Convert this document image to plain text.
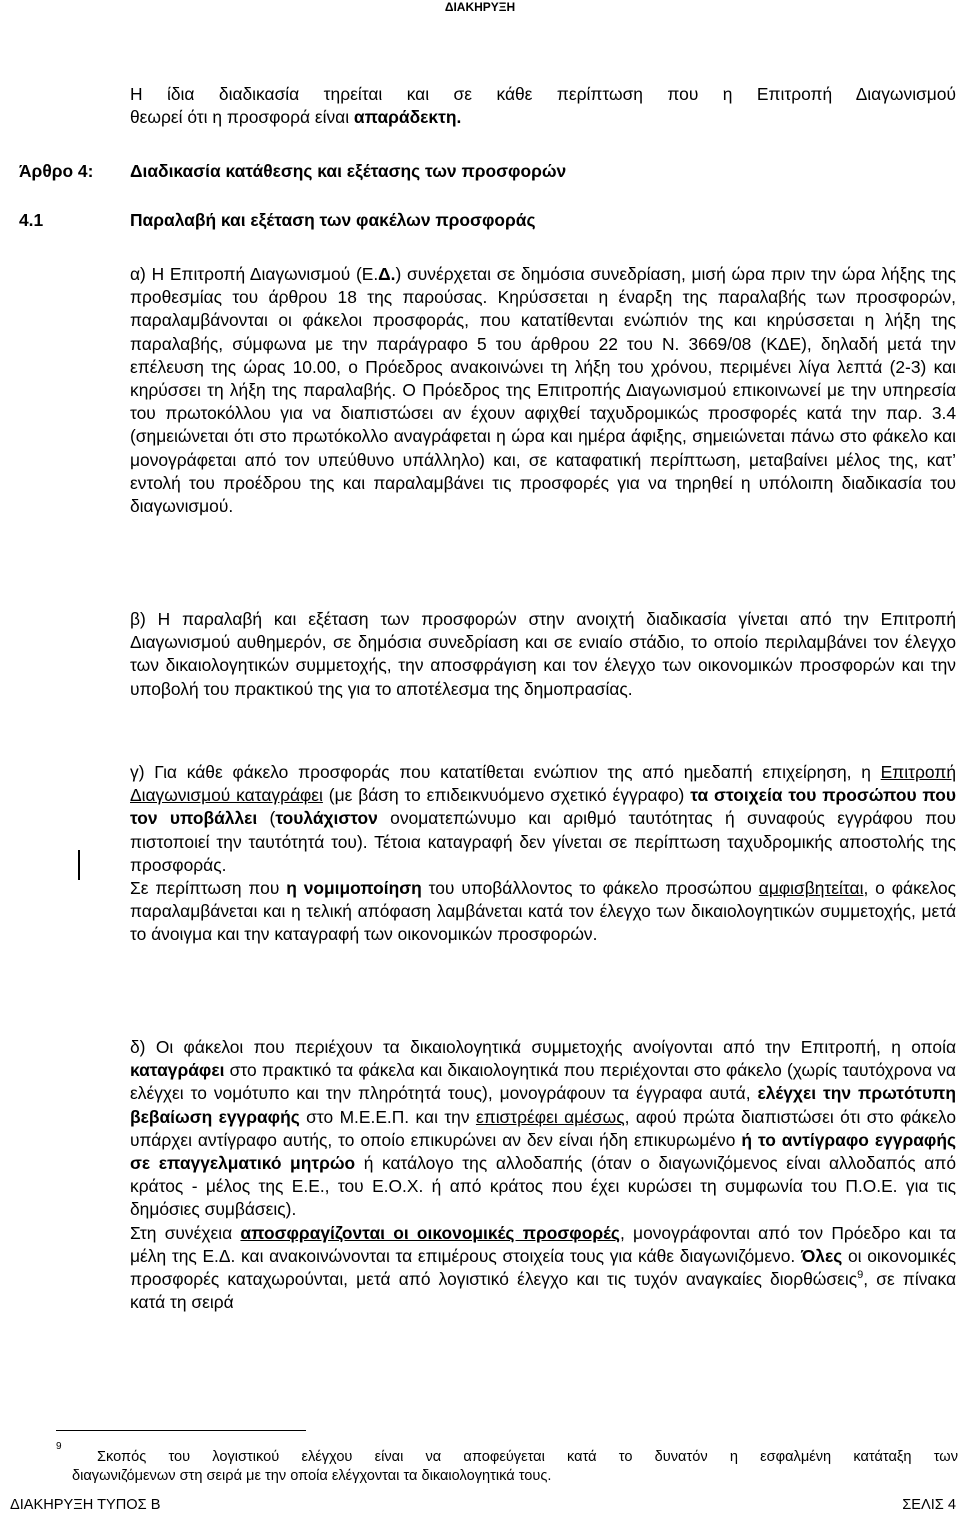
ΔΙΑΚΗΡΥΞΗ
Η ίδια διαδικασία τηρείται και σε κάθε περίπτωση που η Επιτροπή Διαγωνισμού
θεωρεί ότι η προσφορά είναι απαράδεκτη.
Άρθρο 4: Διαδικασία κατάθεσης και εξέτασης των προσφορών
4.1	Παραλαβή και εξέταση των φακέλων προσφοράς
α) Η Επιτροπή Διαγωνισμού (Ε.Δ.) συνέρχεται σε δημόσια συνεδρίαση, μισή ώρα πριν την ώρα λήξης της προθεσμίας του άρθρου 18 της παρούσας. Κηρύσσεται η έναρξη της παραλαβής των προσφορών, παραλαμβάνονται οι φάκελοι προσφοράς, που κατατίθενται ενώπιόν της και κηρύσσεται η λήξη της παραλαβής, σύμφωνα με την παράγραφο 5 του άρθρου 22 του Ν. 3669/08 (ΚΔΕ), δηλαδή μετά την επέλευση της ώρας 10.00, ο Πρόεδρος ανακοινώνει τη λήξη του χρόνου, περιμένει λίγα λεπτά (2-3) και κηρύσσει τη λήξη της παραλαβής. Ο Πρόεδρος της Επιτροπής Διαγωνισμού επικοινωνεί με την υπηρεσία του πρωτοκόλλου για να διαπιστώσει αν έχουν αφιχθεί ταχυδρομικώς προσφορές κατά την παρ. 3.4 (σημειώνεται ότι στο πρωτόκολλο αναγράφεται η ώρα και ημέρα άφιξης, σημειώνεται πάνω στο φάκελο και μονογράφεται από τον υπεύθυνο υπάλληλο) και, σε καταφατική περίπτωση, μεταβαίνει μέλος της, κατ’ εντολή του προέδρου της και παραλαμβάνει τις προσφορές για να τηρηθεί η υπόλοιπη διαδικασία του διαγωνισμού.
β) Η παραλαβή και εξέταση των προσφορών στην ανοιχτή διαδικασία γίνεται από την Επιτροπή Διαγωνισμού αυθημερόν, σε δημόσια συνεδρίαση και σε ενιαίο στάδιο, το οποίο περιλαμβάνει τον έλεγχο των δικαιολογητικών συμμετοχής, την αποσφράγιση και τον έλεγχο των οικονομικών προσφορών και την υποβολή του πρακτικού της για το αποτέλεσμα της δημοπρασίας.
γ) Για κάθε φάκελο προσφοράς που κατατίθεται ενώπιον της από ημεδαπή επιχείρηση, η Επιτροπή Διαγωνισμού καταγράφει (με βάση το επιδεικνυόμενο σχετικό έγγραφο) τα στοιχεία του προσώπου που τον υποβάλλει (τουλάχιστον ονοματεπώνυμο και αριθμό ταυτότητας ή συναφούς εγγράφου που πιστοποιεί την ταυτότητά του). Τέτοια καταγραφή δεν γίνεται σε περίπτωση ταχυδρομικής αποστολής της προσφοράς.
Σε περίπτωση που η νομιμοποίηση του υποβάλλοντος το φάκελο προσώπου αμφισβητείται, ο φάκελος παραλαμβάνεται και η τελική απόφαση λαμβάνεται κατά τον έλεγχο των δικαιολογητικών συμμετοχής, μετά το άνοιγμα και την καταγραφή των οικονομικών προσφορών.
δ) Οι φάκελοι που περιέχουν τα δικαιολογητικά συμμετοχής ανοίγονται από την Επιτροπή, η οποία καταγράφει στο πρακτικό τα φάκελα και δικαιολογητικά που περιέχονται στο φάκελο (χωρίς ταυτόχρονα να ελέγχει το νομότυπο και την πληρότητά τους), μονογράφουν τα έγγραφα αυτά, ελέγχει την πρωτότυπη βεβαίωση εγγραφής στο Μ.Ε.Ε.Π. και την επιστρέφει αμέσως, αφού πρώτα διαπιστώσει ότι στο φάκελο υπάρχει αντίγραφο αυτής, το οποίο επικυρώνει αν δεν είναι ήδη επικυρωμένο ή το αντίγραφο εγγραφής σε επαγγελματικό μητρώο ή κατάλογο της αλλοδαπής (όταν ο διαγωνιζόμενος είναι αλλοδαπός από κράτος - μέλος της Ε.Ε., του Ε.Ο.Χ. ή από κράτος που έχει κυρώσει τη συμφωνία του Π.Ο.Ε. για τις δημόσιες συμβάσεις).
Στη συνέχεια αποσφραγίζονται οι οικονομικές προσφορές, μονογράφονται από τον Πρόεδρο και τα μέλη της Ε.Δ. και ανακοινώνονται τα επιμέρους στοιχεία τους για κάθε διαγωνιζόμενο. Όλες οι οικονομικές προσφορές καταχωρούνται, μετά από λογιστικό έλεγχο και τις τυχόν αναγκαίες διορθώσεις$^9$, σε πίνακα κατά τη σειρά
9
Σκοπός του λογιστικού ελέγχου είναι να αποφεύγεται κατά το δυνατόν η εσφαλμένη κατάταξη των
διαγωνιζόμενων στη σειρά με την οποία ελέγχονται τα δικαιολογητικά τους.
ΔΙΑΚΗΡΥΞΗ ΤΥΠΟΣ Β	ΣΕΛΙΣ 4
